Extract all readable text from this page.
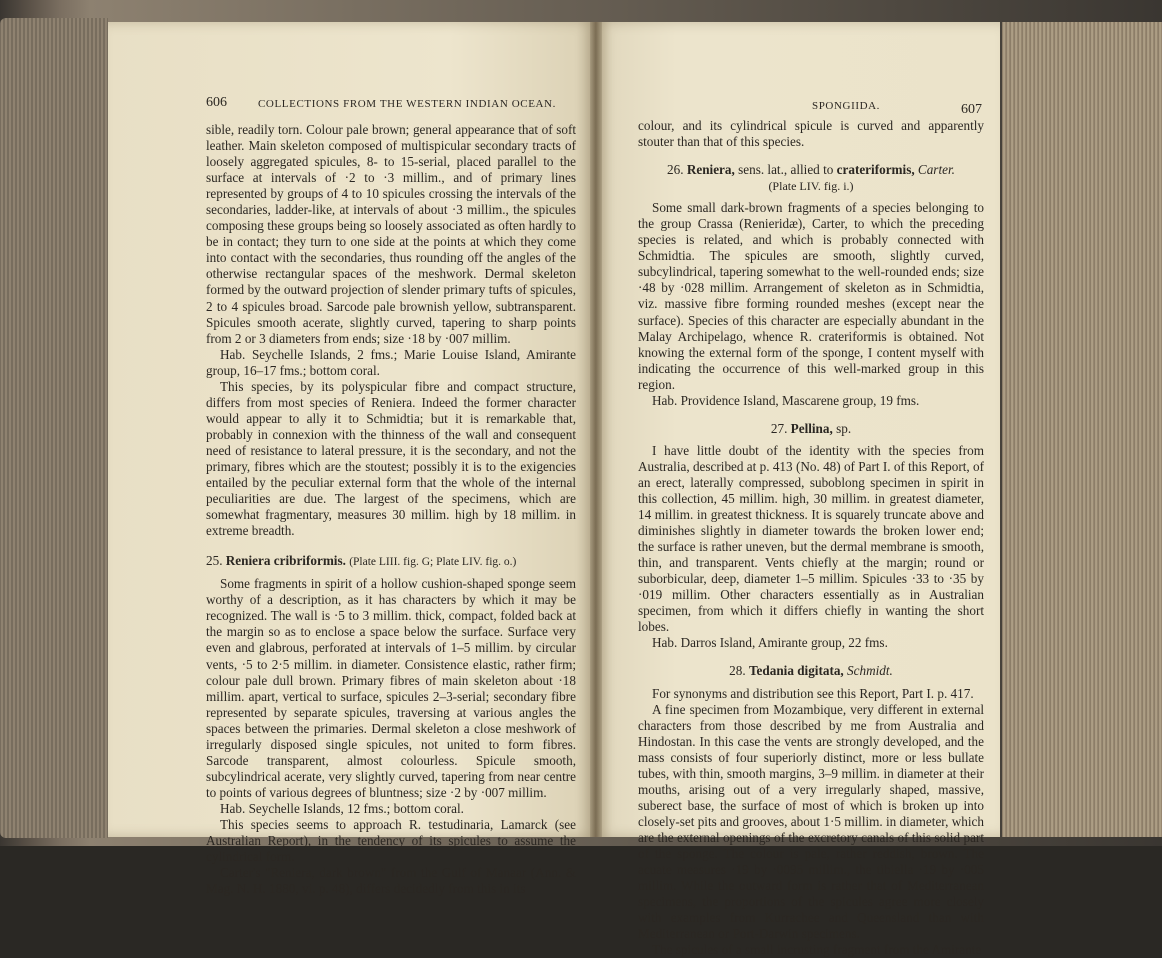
606	COLLECTIONS FROM THE WESTERN INDIAN OCEAN.

sible, readily torn. Colour pale brown; general appearance that of soft leather. Main skeleton composed of multispicular secondary tracts of loosely aggregated spicules, 8- to 15-serial, placed parallel to the surface at intervals of ·2 to ·3 millim., and of primary lines represented by groups of 4 to 10 spicules crossing the intervals of the secondaries, ladder-like, at intervals of about ·3 millim., the spicules composing these groups being so loosely associated as often hardly to be in contact; they turn to one side at the points at which they come into contact with the secondaries, thus rounding off the angles of the otherwise rectangular spaces of the meshwork. Dermal skeleton formed by the outward projection of slender primary tufts of spicules, 2 to 4 spicules broad. Sarcode pale brownish yellow, subtransparent. Spicules smooth acerate, slightly curved, tapering to sharp points from 2 or 3 diameters from ends; size ·18 by ·007 millim.

Hab. Seychelle Islands, 2 fms.; Marie Louise Island, Amirante group, 16–17 fms.; bottom coral.

This species, by its polyspicular fibre and compact structure, differs from most species of Reniera. Indeed the former character would appear to ally it to Schmidtia; but it is remarkable that, probably in connexion with the thinness of the wall and consequent need of resistance to lateral pressure, it is the secondary, and not the primary, fibres which are the stoutest; possibly it is to the exigencies entailed by the peculiar external form that the whole of the internal peculiarities are due. The largest of the specimens, which are somewhat fragmentary, measures 30 millim. high by 18 millim. in extreme breadth.

25. Reniera cribriformis. (Plate LIII. fig. G; Plate LIV. fig. o.)

Some fragments in spirit of a hollow cushion-shaped sponge seem worthy of a description, as it has characters by which it may be recognized. The wall is ·5 to 3 millim. thick, compact, folded back at the margin so as to enclose a space below the surface. Surface very even and glabrous, perforated at intervals of 1–5 millim. by circular vents, ·5 to 2·5 millim. in diameter. Consistence elastic, rather firm; colour pale dull brown. Primary fibres of main skeleton about ·18 millim. apart, vertical to surface, spicules 2–3-serial; secondary fibre represented by separate spicules, traversing at various angles the spaces between the primaries. Dermal skeleton a close meshwork of irregularly disposed single spicules, not united to form fibres. Sarcode transparent, almost colourless. Spicule smooth, subcylindrical acerate, very slightly curved, tapering from near centre to points of various degrees of bluntness; size ·2 by ·007 millim.

Hab. Seychelle Islands, 12 fms.; bottom coral.

This species seems to approach R. testudinaria, Lamarck (see Australian Report), in the tendency of its spicules to assume the cylindrical form.

Carter's "Reniera, dark brown" from the Gulf of Manaar (Ann. & Mag. N. H. 1880, vi. p. 48), differs decidedly from this in its

SPONGIIDA.	607

colour, and its cylindrical spicule is curved and apparently stouter than that of this species.

26. Reniera, sens. lat., allied to crateriformis, Carter.
(Plate LIV. fig. i.)

Some small dark-brown fragments of a species belonging to the group Crassa (Renieridæ), Carter, to which the preceding species is related, and which is probably connected with Schmidtia. The spicules are smooth, slightly curved, subcylindrical, tapering somewhat to the well-rounded ends; size ·48 by ·028 millim. Arrangement of skeleton as in Schmidtia, viz. massive fibre forming rounded meshes (except near the surface). Species of this character are especially abundant in the Malay Archipelago, whence R. crateriformis is obtained. Not knowing the external form of the sponge, I content myself with indicating the occurrence of this well-marked group in this region.

Hab. Providence Island, Mascarene group, 19 fms.

27. Pellina, sp.

I have little doubt of the identity with the species from Australia, described at p. 413 (No. 48) of Part I. of this Report, of an erect, laterally compressed, suboblong specimen in spirit in this collection, 45 millim. high, 30 millim. in greatest diameter, 14 millim. in greatest thickness. It is squarely truncate above and diminishes slightly in diameter towards the broken lower end; the surface is rather uneven, but the dermal membrane is smooth, thin, and transparent. Vents chiefly at the margin; round or suborbicular, deep, diameter 1–5 millim. Spicules ·33 to ·35 by ·019 millim. Other characters essentially as in Australian specimen, from which it differs chiefly in wanting the short lobes.

Hab. Darros Island, Amirante group, 22 fms.

28. Tedania digitata, Schmidt.

For synonyms and distribution see this Report, Part I. p. 417.

A fine specimen from Mozambique, very different in external characters from those described by me from Australia and Hindostan. In this case the vents are strongly developed, and the mass consists of four superiorly distinct, more or less bullate tubes, with thin, smooth margins, 3–9 millim. in diameter at their mouths, arising out of a very irregularly shaped, massive, suberect base, the surface of most of which is broken up into closely-set pits and grooves, about 1·5 millim. in diameter, which are the external openings of the excretory canals of this solid part of the sponge. The colour is pale, rather reddish, brown. The acuate measures ·19 by ·0095 millim., the tibiella ·19 by ·005 millim. While the outward form is rather that of Mediterranean specimens, the proportions of the spicules agree more closely with examples from Kurrachee and Queensland than with Mediterranean or Port-Darwin specimens.

The spicules of a small incrusting fragment from the Amirante
